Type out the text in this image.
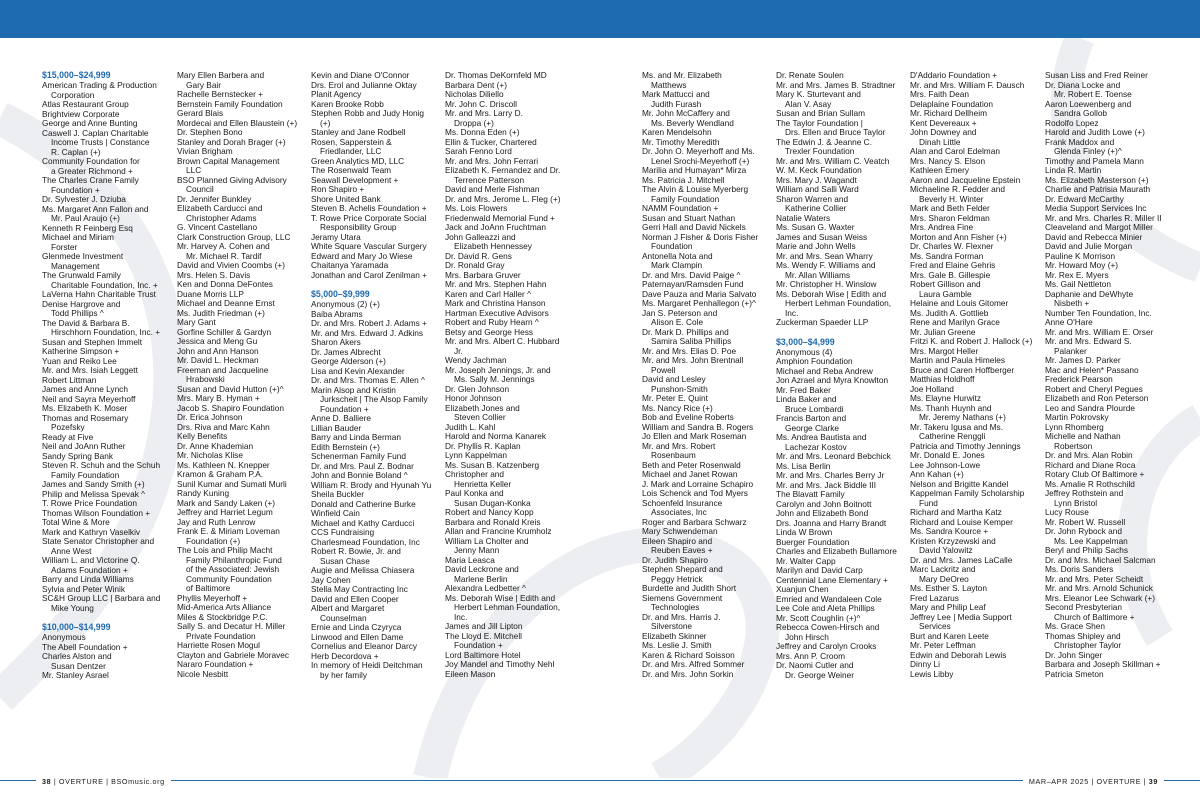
$15,000–$24,999
American Trading & Production
Corporation
Atlas Restaurant Group
Brightview Corporate
George and Anne Bunting
Caswell J. Caplan Charitable
Income Trusts | Constance
R. Caplan (+)
Community Foundation for
a Greater Richmond +
The Charles Crane Family
Foundation +
Dr. Sylvester J. Dziuba
Ms. Margaret Ann Fallon and
Mr. Paul Araujo (+)
Kenneth R Feinberg Esq
Michael and Miriam
Forster
Glenmede Investment
Management
The Grunwald Family
Charitable Foundation, Inc. +
LaVerna Hahn Charitable Trust
Denise Hargrove and
Todd Phillips ^
The David & Barbara B.
Hirschhorn Foundation, Inc. +
Susan and Stephen Immelt
Katherine Simpson +
Yuan and Reiko Lee
Mr. and Mrs. Isiah Leggett
Robert Littman
James and Anne Lynch
Neil and Sayra Meyerhoff
Ms. Elizabeth K. Moser
Thomas and Rosemary
Pozefsky
Ready at Five
Neil and JoAnn Ruther
Sandy Spring Bank
Steven R. Schuh and the Schuh
Family Foundation
James and Sandy Smith (+)
Philip and Melissa Spevak ^
T. Rowe Price Foundation
Thomas Wilson Foundation +
Total Wine & More
Mark and Kathryn Vaselkiv
State Senator Christopher and
Anne West
William L. and Victorine Q.
Adams Foundation +
Barry and Linda Williams
Sylvia and Peter Winik
SC&H Group LLC | Barbara and
Mike Young
$10,000–$14,999
Anonymous
The Abell Foundation +
Charles Alston and
Susan Dentzer
Mr. Stanley Asrael
Mary Ellen Barbera and
Gary Bair
Rachelle Bernstecker +
Bernstein Family Foundation
Gerard Blais
Mordecai and Ellen Blaustein (+)
Dr. Stephen Bono
Stanley and Dorah Brager (+)
Vivian Brigham
Brown Capital Management
LLC
BSO Planned Giving Advisory
Council
Dr. Jennifer Bunkley
Elizabeth Carducci and
Christopher Adams
G. Vincent Castellano
Clark Construction Group, LLC
Mr. Harvey A. Cohen and
Mr. Michael R. Tardif
David and Vivien Coombs (+)
Mrs. Helen S. Davis
Ken and Donna DeFontes
Duane Morris LLP
Michael and Deanne Ernst
Ms. Judith Friedman (+)
Mary Gant
Gorfine Schiller & Gardyn
Jessica and Meng Gu
John and Ann Hanson
Mr. David L. Heckman
Freeman and Jacqueline
Hrabowski
Susan and David Hutton (+)^
Mrs. Mary B. Hyman +
Jacob S. Shapiro Foundation
Dr. Erica Johnson
Drs. Riva and Marc Kahn
Kelly Benefits
Dr. Anne Khademian
Mr. Nicholas Klise
Ms. Kathleen N. Knepper
Kramon & Graham P.A.
Sunil Kumar and Sumati Murli
Randy Kuning
Mark and Sandy Laken (+)
Jeffrey and Harriet Legum
Jay and Ruth Lenrow
Frank E. & Miriam Loveman
Foundation (+)
The Lois and Philip Macht
Family Philanthropic Fund
of the Associated: Jewish
Community Foundation
of Baltimore
Phyllis Meyerhoff +
Mid-America Arts Alliance
Miles & Stockbridge P.C.
Sally S. and Decatur H. Miller
Private Foundation
Harriette Rosen Mogul
Clayton and Gabriele Moravec
Nararo Foundation +
Nicole Nesbitt
Kevin and Diane O'Connor
Drs. Erol and Julianne Oktay
Planit Agency
Karen Brooke Robb
Stephen Robb and Judy Honig
(+)
Stanley and Jane Rodbell
Rosen, Sapperstein &
Friedlander, LLC
Green Analytics MD, LLC
The Rosenwald Team
Seawall Development +
Ron Shapiro +
Shore United Bank
Steven B. Achelis Foundation +
T. Rowe Price Corporate Social
Responsibility Group
Jeramy Utara
White Square Vascular Surgery
Edward and Mary Jo Wiese
Chaitanya Yaramada
Jonathan and Carol Zenilman +
$5,000–$9,999
Anonymous (2) (+)
Baiba Abrams
Dr. and Mrs. Robert J. Adams +
Mr. and Mrs. Edward J. Adkins
Sharon Akers
Dr. James Albrecht
George Alderson (+)
Lisa and Kevin Alexander
Dr. and Mrs. Thomas E. Allen ^
Marin Alsop and Kristin
Jurkscheit | The Alsop Family
Foundation +
Anne D. Balliere
Lillian Bauder
Barry and Linda Berman
Edith Bernstein (+)
Schenerman Family Fund
Dr. and Mrs. Paul Z. Bodnar
John and Bonnie Boland ^
William R. Brody and Hyunah Yu
Sheila Buckler
Donald and Catherine Burke
Winfield Cain
Michael and Kathy Carducci
CCS Fundraising
Charlesmead Foundation, Inc
Robert R. Bowie, Jr. and
Susan Chase
Augie and Melissa Chiasera
Jay Cohen
Stella May Contracting Inc
David and Ellen Cooper
Albert and Margaret
Counselman
Ernie and Linda Czyrycа
Linwood and Ellen Dame
Cornelius and Eleanor Darcy
Herb Decordova +
In memory of Heidi Deitchman
by her family
Dr. Thomas DeKornfeld MD
Barbara Dent (+)
Nicholas Diliello
Mr. John C. Driscoll
Mr. and Mrs. Larry D.
Droppa (+)
Ms. Donna Eden (+)
Ellin & Tucker, Chartered
Sarah Fenno Lord
Mr. and Mrs. John Ferrari
Elizabeth K. Fernandez and Dr.
Terrence Patterson
David and Merle Fishman
Dr. and Mrs. Jerome L. Fleg (+)
Ms. Lois Flowers
Friedenwald Memorial Fund +
Jack and JoAnn Fruchtman
John Galleazzi and
Elizabeth Hennessey
Dr. David R. Gens
Dr. Ronald Gray
Mrs. Barbara Gruver
Mr. and Mrs. Stephen Hahn
Karen and Carl Haller ^
Mark and Christina Hanson
Hartman Executive Advisors
Robert and Ruby Hearn ^
Betsy and George Hess
Mr. and Mrs. Albert C. Hubbard
Jr.
Wendy Jachman
Mr. Joseph Jennings, Jr. and
Ms. Sally M. Jennings
Dr. Glen Johnson
Honor Johnson
Elizabeth Jones and
Steven Collier
Judith L. Kahl
Harold and Norma Kanarek
Dr. Phyllis R. Kaplan
Lynn Kappelman
Ms. Susan B. Katzenberg
Christopher and
Henrietta Keller
Paul Konka and
Susan Dugan-Konka
Robert and Nancy Kopp
Barbara and Ronald Kreis
Allan and Francine Krumholz
William La Cholter and
Jenny Mann
Maria Leasca
David Leckrone and
Marlene Berlin
Alexandra Ledbetter ^
Ms. Deborah Wise | Edith and
Herbert Lehman Foundation,
Inc.
James and Jill Lipton
The Lloyd E. Mitchell
Foundation +
Lord Baltimore Hotel
Joy Mandel and Timothy Nehl
Eileen Mason
Ms. and Mr. Elizabeth
Matthews
Mark Mattucci and
Judith Furash
Mr. John McCaffery and
Ms. Beverly Wendland
Karen Mendelsohn
Mr. Timothy Meredith
Dr. John O. Meyerhoff and Ms.
Lenel Srochi-Meyerhoff (+)
Marilia and Humayan* Mirza
Ms. Patricia J. Mitchell
The Alvin & Louise Myerberg
Family Foundation
NAMM Foundation +
Susan and Stuart Nathan
Gerri Hall and David Nickels
Norman J Fisher & Doris Fisher
Foundation
Antonella Nota and
Mark Clampin
Dr. and Mrs. David Paige ^
Paternayan/Ramsden Fund
Dave Pauza and Maria Salvato
Ms. Margaret Penhallegon (+)^
Jan S. Peterson and
Alison E. Cole
Dr. Mark D. Phillips and
Samira Saliba Phillips
Mr. and Mrs. Elias D. Poe
Mr. and Mrs. John Brentnall
Powell
David and Lesley
Punshon-Smith
Mr. Peter E. Quint
Ms. Nancy Rice (+)
Bob and Eveline Roberts
William and Sandra B. Rogers
Jo Ellen and Mark Roseman
Mr. and Mrs. Robert
Rosenbaum
Beth and Peter Rosenwald
Michael and Janet Rowan
J. Mark and Lorraine Schapiro
Lois Schenck and Tod Myers
Schoenfeld Insurance
Associates, Inc
Roger and Barbara Schwarz
Mary Schwendeman
Eileen Shapiro and
Reuben Eaves +
Dr. Judith Shapiro
Stephen Shepard and
Peggy Hetrick
Burdette and Judith Short
Siemens Government
Technologies
Dr. and Mrs. Harris J.
Silverstone
Elizabeth Skinner
Ms. Leslie J. Smith
Karen & Richard Soisson
Dr. and Mrs. Alfred Sommer
Dr. and Mrs. John Sorkin
Dr. Renate Soulen
Mr. and Mrs. James B. Stradtner
Mary K. Sturtevant and
Alan V. Asay
Susan and Brian Sullam
The Taylor Foundation |
Drs. Ellen and Bruce Taylor
The Edwin J. & Jeanne C.
Trexler Foundation
Mr. and Mrs. William C. Veatch
W. M. Keck Foundation
Mrs. Mary J. Wagandt
William and Salli Ward
Sharon Warren and
Katherine Collier
Natalie Waters
Ms. Susan G. Waxter
James and Susan Weiss
Marie and John Wells
Mr. and Mrs. Sean Wharry
Ms. Wendy F. Williams and
Mr. Allan Williams
Mr. Christopher H. Winslow
Ms. Deborah Wise | Edith and
Herbert Lehman Foundation,
Inc.
Zuckerman Spaeder LLP
$3,000–$4,999
Anonymous (4)
Amphion Foundation
Michael and Reba Andrew
Jon Azrael and Myra Knowlton
Mr. Fred Baker
Linda Baker and
Bruce Lombardi
Francis Barton and
George Clarke
Ms. Andrea Bautista and
Lachezar Kostov
Mr. and Mrs. Leonard Bebchick
Ms. Lisa Berlin
Mr. and Mrs. Charles Berry Jr
Mr. and Mrs. Jack Biddle III
The Blavatt Family
Carolyn and John Boitnott
John and Elizabeth Bond
Drs. Joanna and Harry Brandt
Linda W Brown
Buerger Foundation
Charles and Elizabeth Bullamore
Mr. Walter Capp
Marilyn and David Carp
Centennial Lane Elementary +
Xuanjun Chen
Emried and Wandaleen Cole
Lee Cole and Aleta Phillips
Mr. Scott Coughlin (+)^
Rebecca Cowen-Hirsch and
John Hirsch
Jeffrey and Carolyn Crooks
Mrs. Ann P. Croom
Dr. Naomi Cutler and
Dr. George Weiner
D'Addario Foundation +
Mr. and Mrs. William F. Dausch
Mrs. Faith Dean
Delaplaine Foundation
Mr. Richard Dellheim
Kent Devereaux +
John Downey and
Dinah Little
Alan and Carol Edelman
Mrs. Nancy S. Elson
Kathleen Emery
Aaron and Jacqueline Epstein
Michaeline R. Fedder and
Beverly H. Winter
Mark and Beth Felder
Mrs. Sharon Feldman
Mrs. Andrea Fine
Morton and Ann Fisher (+)
Dr. Charles W. Flexner
Ms. Sandra Forman
Fred and Elaine Gehris
Mrs. Gale B. Gillespie
Robert Gillison and
Laura Gamble
Helaine and Louis Gitomer
Ms. Judith A. Gottlieb
Rene and Marilyn Grace
Mr. Julian Greene
Fritzi K. and Robert J. Hallock (+)
Mrs. Margot Heller
Martin and Paula Himeles
Bruce and Caren Hoffberger
Matthias Holdhoff
Joe Holland
Ms. Elayne Hurwitz
Ms. Thanh Huynh and
Mr. Jeremy Nathans (+)
Mr. Takeru Igusa and Ms.
Catherine Renggli
Patricia and Timothy Jennings
Mr. Donald E. Jones
Lee Johnson-Lowe
Ann Kahan (+)
Nelson and Brigitte Kandel
Kappelman Family Scholarship
Fund
Richard and Martha Katz
Richard and Louise Kemper
Ms. Sandra Kource +
Kristen Krzyzewski and
David Yalowitz
Dr. and Mrs. James LaCalle
Marc Lackritz and
Mary DeOreo
Ms. Esther S. Layton
Fred Lazarus
Mary and Philip Leaf
Jeffrey Lee | Media Support
Services
Burt and Karen Leete
Mr. Peter Leffman
Edwin and Deborah Lewis
Dinny Li
Lewis Libby
Susan Liss and Fred Reiner
Dr. Diana Locke and
Mr. Robert E. Toense
Aaron Loewenberg and
Sandra Gollob
Rodolfo Lopez
Harold and Judith Lowe (+)
Frank Maddox and
Glenda Finley (+)^
Timothy and Pamela Mann
Linda R. Martin
Ms. Elizabeth Masterson (+)
Charlie and Patrisia Maurath
Dr. Edward McCarthy
Media Support Services Inc
Mr. and Mrs. Charles R. Miller II
Cleaveland and Margot Miller
David and Rebecca Minier
David and Julie Morgan
Pauline K Morrison
Mr. Howard Moy (+)
Mr. Rex E. Myers
Ms. Gail Nettleton
Daphanie and DeWhyte
Nisbeth +
Number Ten Foundation, Inc.
Anne O'Hare
Mr. and Mrs. William E. Orser
Mr. and Mrs. Edward S.
Palanker
Mr. James D. Parker
Mac and Helen* Passano
Frederick Pearson
Robert and Cheryl Pegues
Elizabeth and Ron Peterson
Leo and Sandra Plourde
Martin Pokrovsky
Lynn Rhomberg
Michelle and Nathan
Robertson
Dr. and Mrs. Alan Robin
Richard and Diane Roca
Rotary Club Of Baltimore +
Ms. Amalie R Rothschild
Jeffrey Rothstein and
Lynn Bristol
Lucy Rouse
Mr. Robert W. Russell
Dr. John Rybock and
Ms. Lee Kappelman
Beryl and Philip Sachs
Dr. and Mrs. Michael Salcman
Ms. Doris Sanders
Mr. and Mrs. Peter Scheidt
Mr. and Mrs. Arnold Schunick
Mrs. Eleanor Lee Schwark (+)
Second Presbyterian
Church of Baltimore +
Ms. Grace Shen
Thomas Shipley and
Christopher Taylor
Dr. John Singer
Barbara and Joseph Skillman +
Patricia Smeton
38 | OVERTURE | BSOmusic.org	MAR–APR 2025 | OVERTURE | 39
